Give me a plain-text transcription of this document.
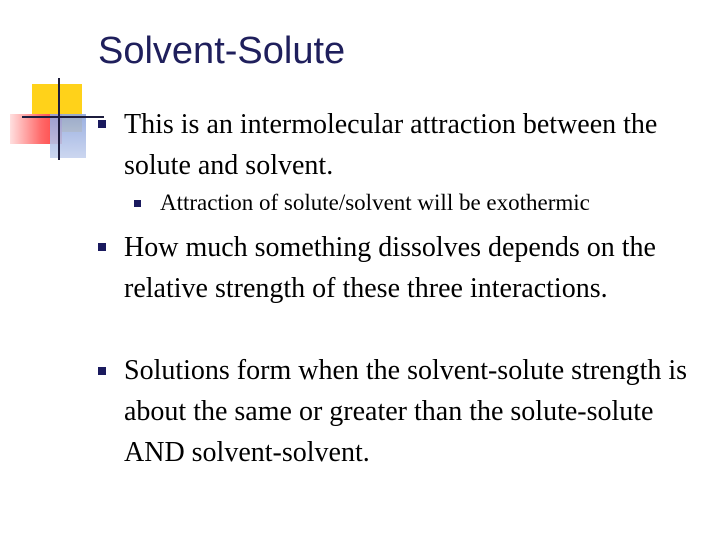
Solvent-Solute
This is an intermolecular attraction between the solute and solvent.
Attraction of solute/solvent will be exothermic
How much something dissolves depends on the relative strength of these three interactions.
Solutions form when the solvent-solute strength is about the same or greater than the solute-solute AND solvent-solvent.
